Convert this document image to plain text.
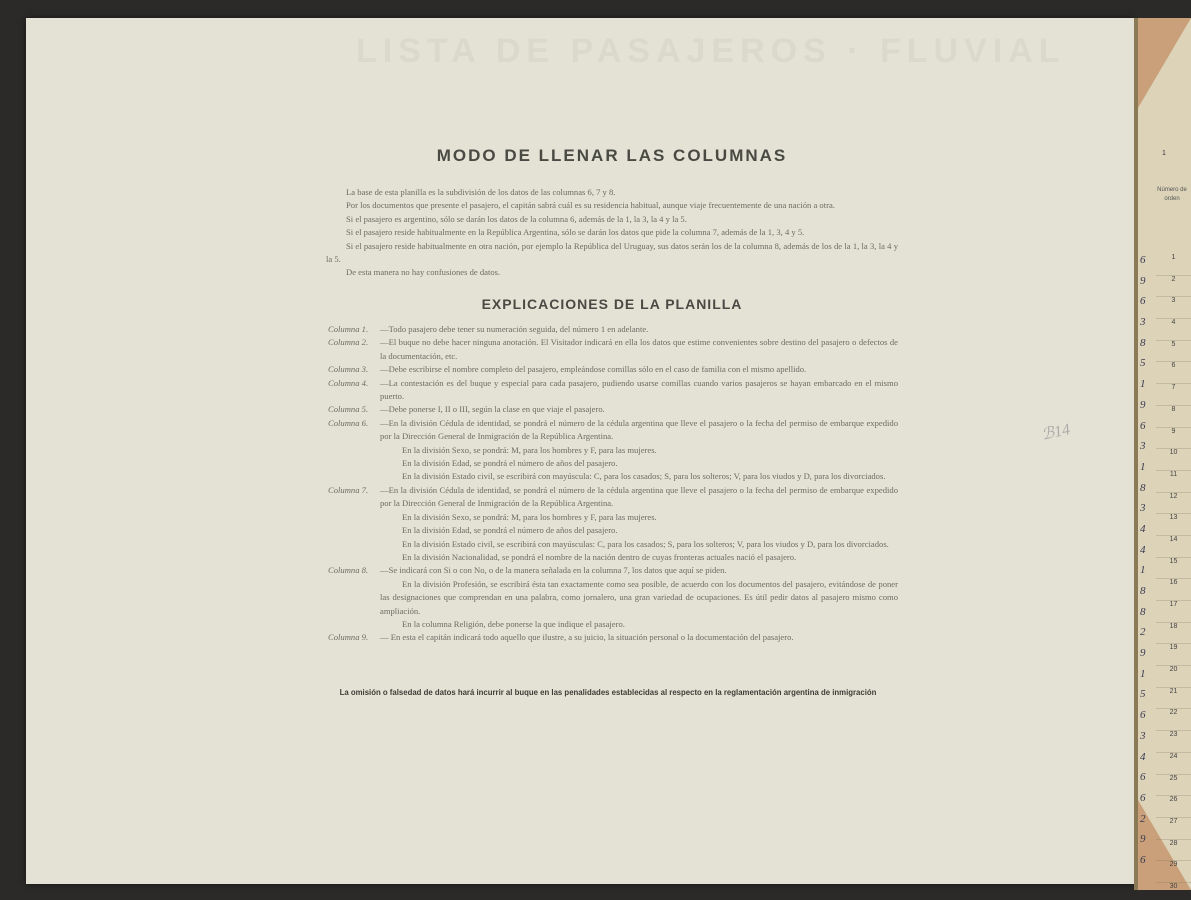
LISTA DE PASAJEROS · FLUVIAL
MODO DE LLENAR LAS COLUMNAS

La base de esta planilla es la subdivisión de los datos de las columnas 6, 7 y 8.

Por los documentos que presente el pasajero, el capitán sabrá cuál es su residencia habitual, aunque viaje frecuentemente de una nación a otra.

Si el pasajero es argentino, sólo se darán los datos de la columna 6, además de la 1, la 3, la 4 y la 5.

Si el pasajero reside habitualmente en la República Argentina, sólo se darán los datos que pide la columna 7, además de la 1, 3, 4 y 5.

Si el pasajero reside habitualmente en otra nación, por ejemplo la República del Uruguay, sus datos serán los de la columna 8, además de los de la 1, la 3, la 4 y la 5.

De esta manera no hay confusiones de datos.

EXPLICACIONES DE LA PLANILLA

Columna 1. —Todo pasajero debe tener su numeración seguida, del número 1 en adelante.

Columna 2. —El buque no debe hacer ninguna anotación. El Visitador indicará en ella los datos que estime convenientes sobre destino del pasajero o defectos de la documentación, etc.

Columna 3. —Debe escribirse el nombre completo del pasajero, empleándose comillas sólo en el caso de familia con el mismo apellido.

Columna 4. —La contestación es del buque y especial para cada pasajero, pudiendo usarse comillas cuando varios pasajeros se hayan embarcado en el mismo puerto.

Columna 5. —Debe ponerse I, II o III, según la clase en que viaje el pasajero.

Columna 6. —En la división Cédula de identidad, se pondrá el número de la cédula argentina que lleve el pasajero o la fecha del permiso de embarque expedido por la Dirección General de Inmigración de la República Argentina.

En la división Sexo, se pondrá: M, para los hombres y F, para las mujeres.

En la división Edad, se pondrá el número de años del pasajero.

En la división Estado civil, se escribirá con mayúscula: C, para los casados; S, para los solteros; V, para los viudos y D, para los divorciados.

Columna 7. —En la división Cédula de identidad, se pondrá el número de la cédula argentina que lleve el pasajero o la fecha del permiso de embarque expedido por la Dirección General de Inmigración de la República Argentina.

En la división Sexo, se pondrá: M, para los hombres y F, para las mujeres.

En la división Edad, se pondrá el número de años del pasajero.

En la división Estado civil, se escribirá con mayúsculas: C, para los casados; S, para los solteros; V, para los viudos y D, para los divorciados.

En la división Nacionalidad, se pondrá el nombre de la nación dentro de cuyas fronteras actuales nació el pasajero.

Columna 8. —Se indicará con Si o con No, o de la manera señalada en la columna 7, los datos que aquí se piden.

En la división Profesión, se escribirá ésta tan exactamente como sea posible, de acuerdo con los documentos del pasajero, evitándose de poner las designaciones que comprendan en una palabra, como jornalero, una gran variedad de ocupaciones. Es útil pedir datos al pasajero mismo como ampliación.

En la columna Religión, debe ponerse la que indique el pasajero.

Columna 9. — En esta el capitán indicará todo aquello que ilustre, a su juicio, la situación personal o la documentación del pasajero.

La omisión o falsedad de datos hará incurrir al buque en las penalidades establecidas al respecto en la reglamentación argentina de inmigración
ℬ14
1
Número de orden
6
9
6
3
8
5
1
9
6
3
1
8
3
4
4
1
8
8
2
9
1
5
6
3
4
6
6
2
9
6
1
2
3
4
5
6
7
8
9
10
11
12
13
14
15
16
17
18
19
20
21
22
23
24
25
26
27
28
29
30
